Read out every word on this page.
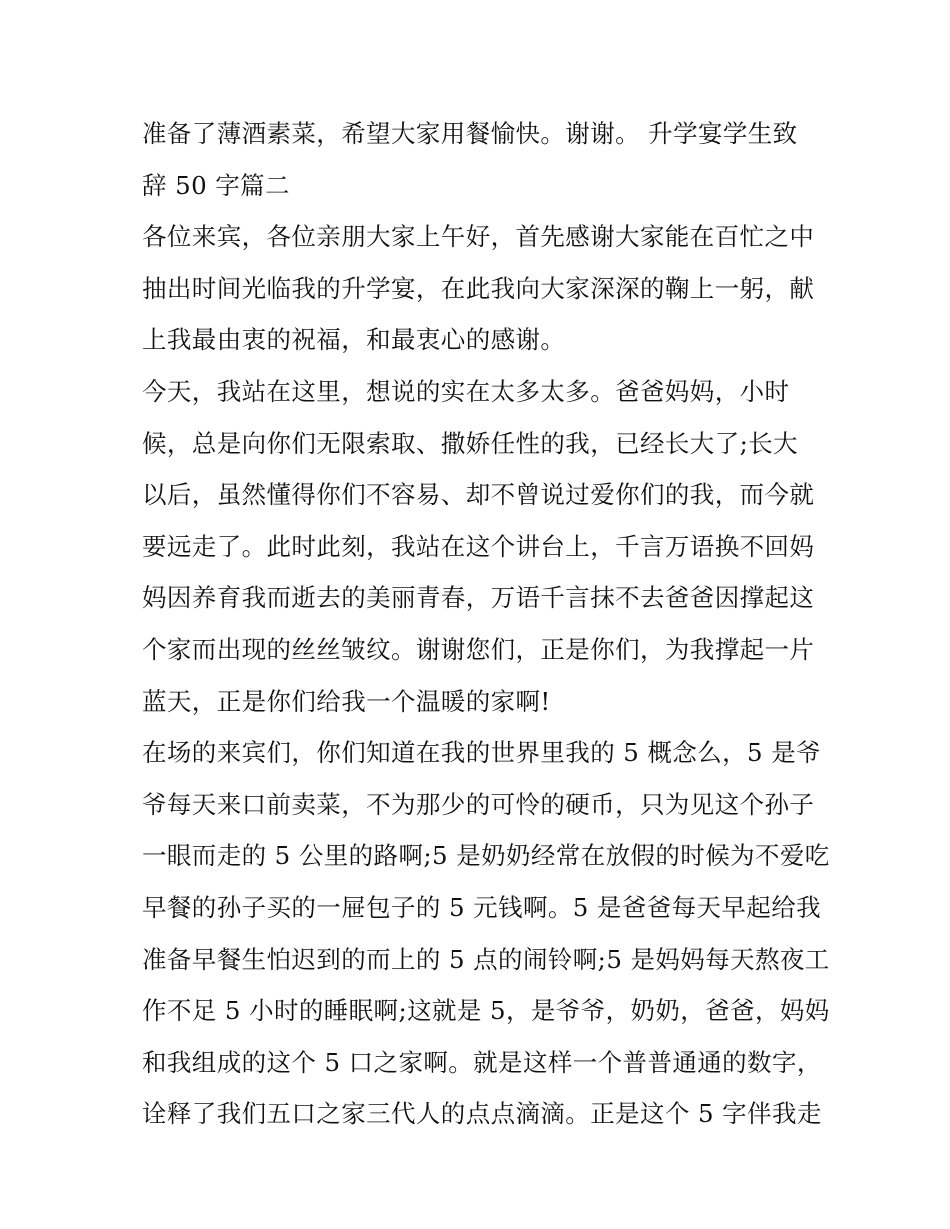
准备了薄酒素菜，希望大家用餐愉快。谢谢。 升学宴学生致
辞 50 字篇二
各位来宾，各位亲朋大家上午好，首先感谢大家能在百忙之中
抽出时间光临我的升学宴，在此我向大家深深的鞠上一躬，献
上我最由衷的祝福，和最衷心的感谢。
今天，我站在这里，想说的实在太多太多。爸爸妈妈，小时
候，总是向你们无限索取、撒娇任性的我，已经长大了;长大
以后，虽然懂得你们不容易、却不曾说过爱你们的我，而今就
要远走了。此时此刻，我站在这个讲台上，千言万语换不回妈
妈因养育我而逝去的美丽青春，万语千言抹不去爸爸因撑起这
个家而出现的丝丝皱纹。谢谢您们，正是你们，为我撑起一片
蓝天，正是你们给我一个温暖的家啊!
在场的来宾们，你们知道在我的世界里我的 5 概念么，5 是爷
爷每天来口前卖菜，不为那少的可怜的硬币，只为见这个孙子
一眼而走的 5 公里的路啊;5 是奶奶经常在放假的时候为不爱吃
早餐的孙子买的一屉包子的 5 元钱啊。5 是爸爸每天早起给我
准备早餐生怕迟到的而上的 5 点的闹铃啊;5 是妈妈每天熬夜工
作不足 5 小时的睡眠啊;这就是 5，是爷爷，奶奶，爸爸，妈妈
和我组成的这个 5 口之家啊。就是这样一个普普通通的数字，
诠释了我们五口之家三代人的点点滴滴。正是这个 5 字伴我走
